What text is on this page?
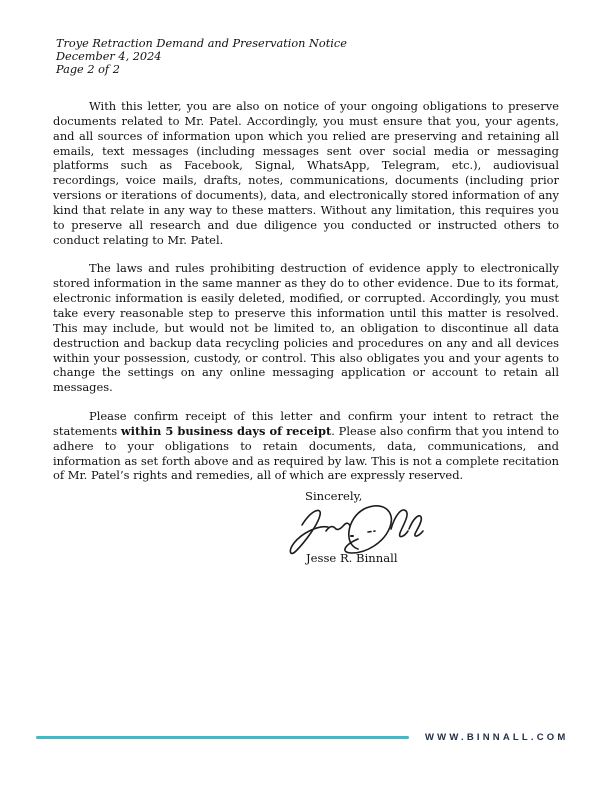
Troye Retraction Demand and Preservation Notice
December 4, 2024
Page 2 of 2

With this letter, you are also on notice of your ongoing obligations to preserve documents related to Mr. Patel. Accordingly, you must ensure that you, your agents, and all sources of information upon which you relied are preserving and retaining all emails, text messages (including messages sent over social media or messaging platforms such as Facebook, Signal, WhatsApp, Telegram, etc.), audiovisual recordings, voice mails, drafts, notes, communications, documents (including prior versions or iterations of documents), data, and electronically stored information of any kind that relate in any way to these matters. Without any limitation, this requires you to preserve all research and due diligence you conducted or instructed others to conduct relating to Mr. Patel.

The laws and rules prohibiting destruction of evidence apply to electronically stored information in the same manner as they do to other evidence. Due to its format, electronic information is easily deleted, modified, or corrupted. Accordingly, you must take every reasonable step to preserve this information until this matter is resolved. This may include, but would not be limited to, an obligation to discontinue all data destruction and backup data recycling policies and procedures on any and all devices within your possession, custody, or control. This also obligates you and your agents to change the settings on any online messaging application or account to retain all messages.

Please confirm receipt of this letter and confirm your intent to retract the statements within 5 business days of receipt. Please also confirm that you intend to adhere to your obligations to retain documents, data, communications, and information as set forth above and as required by law. This is not a complete recitation of Mr. Patel’s rights and remedies, all of which are expressly reserved.

Sincerely,
Jesse R. Binnall
WWW.BINNALL.COM
